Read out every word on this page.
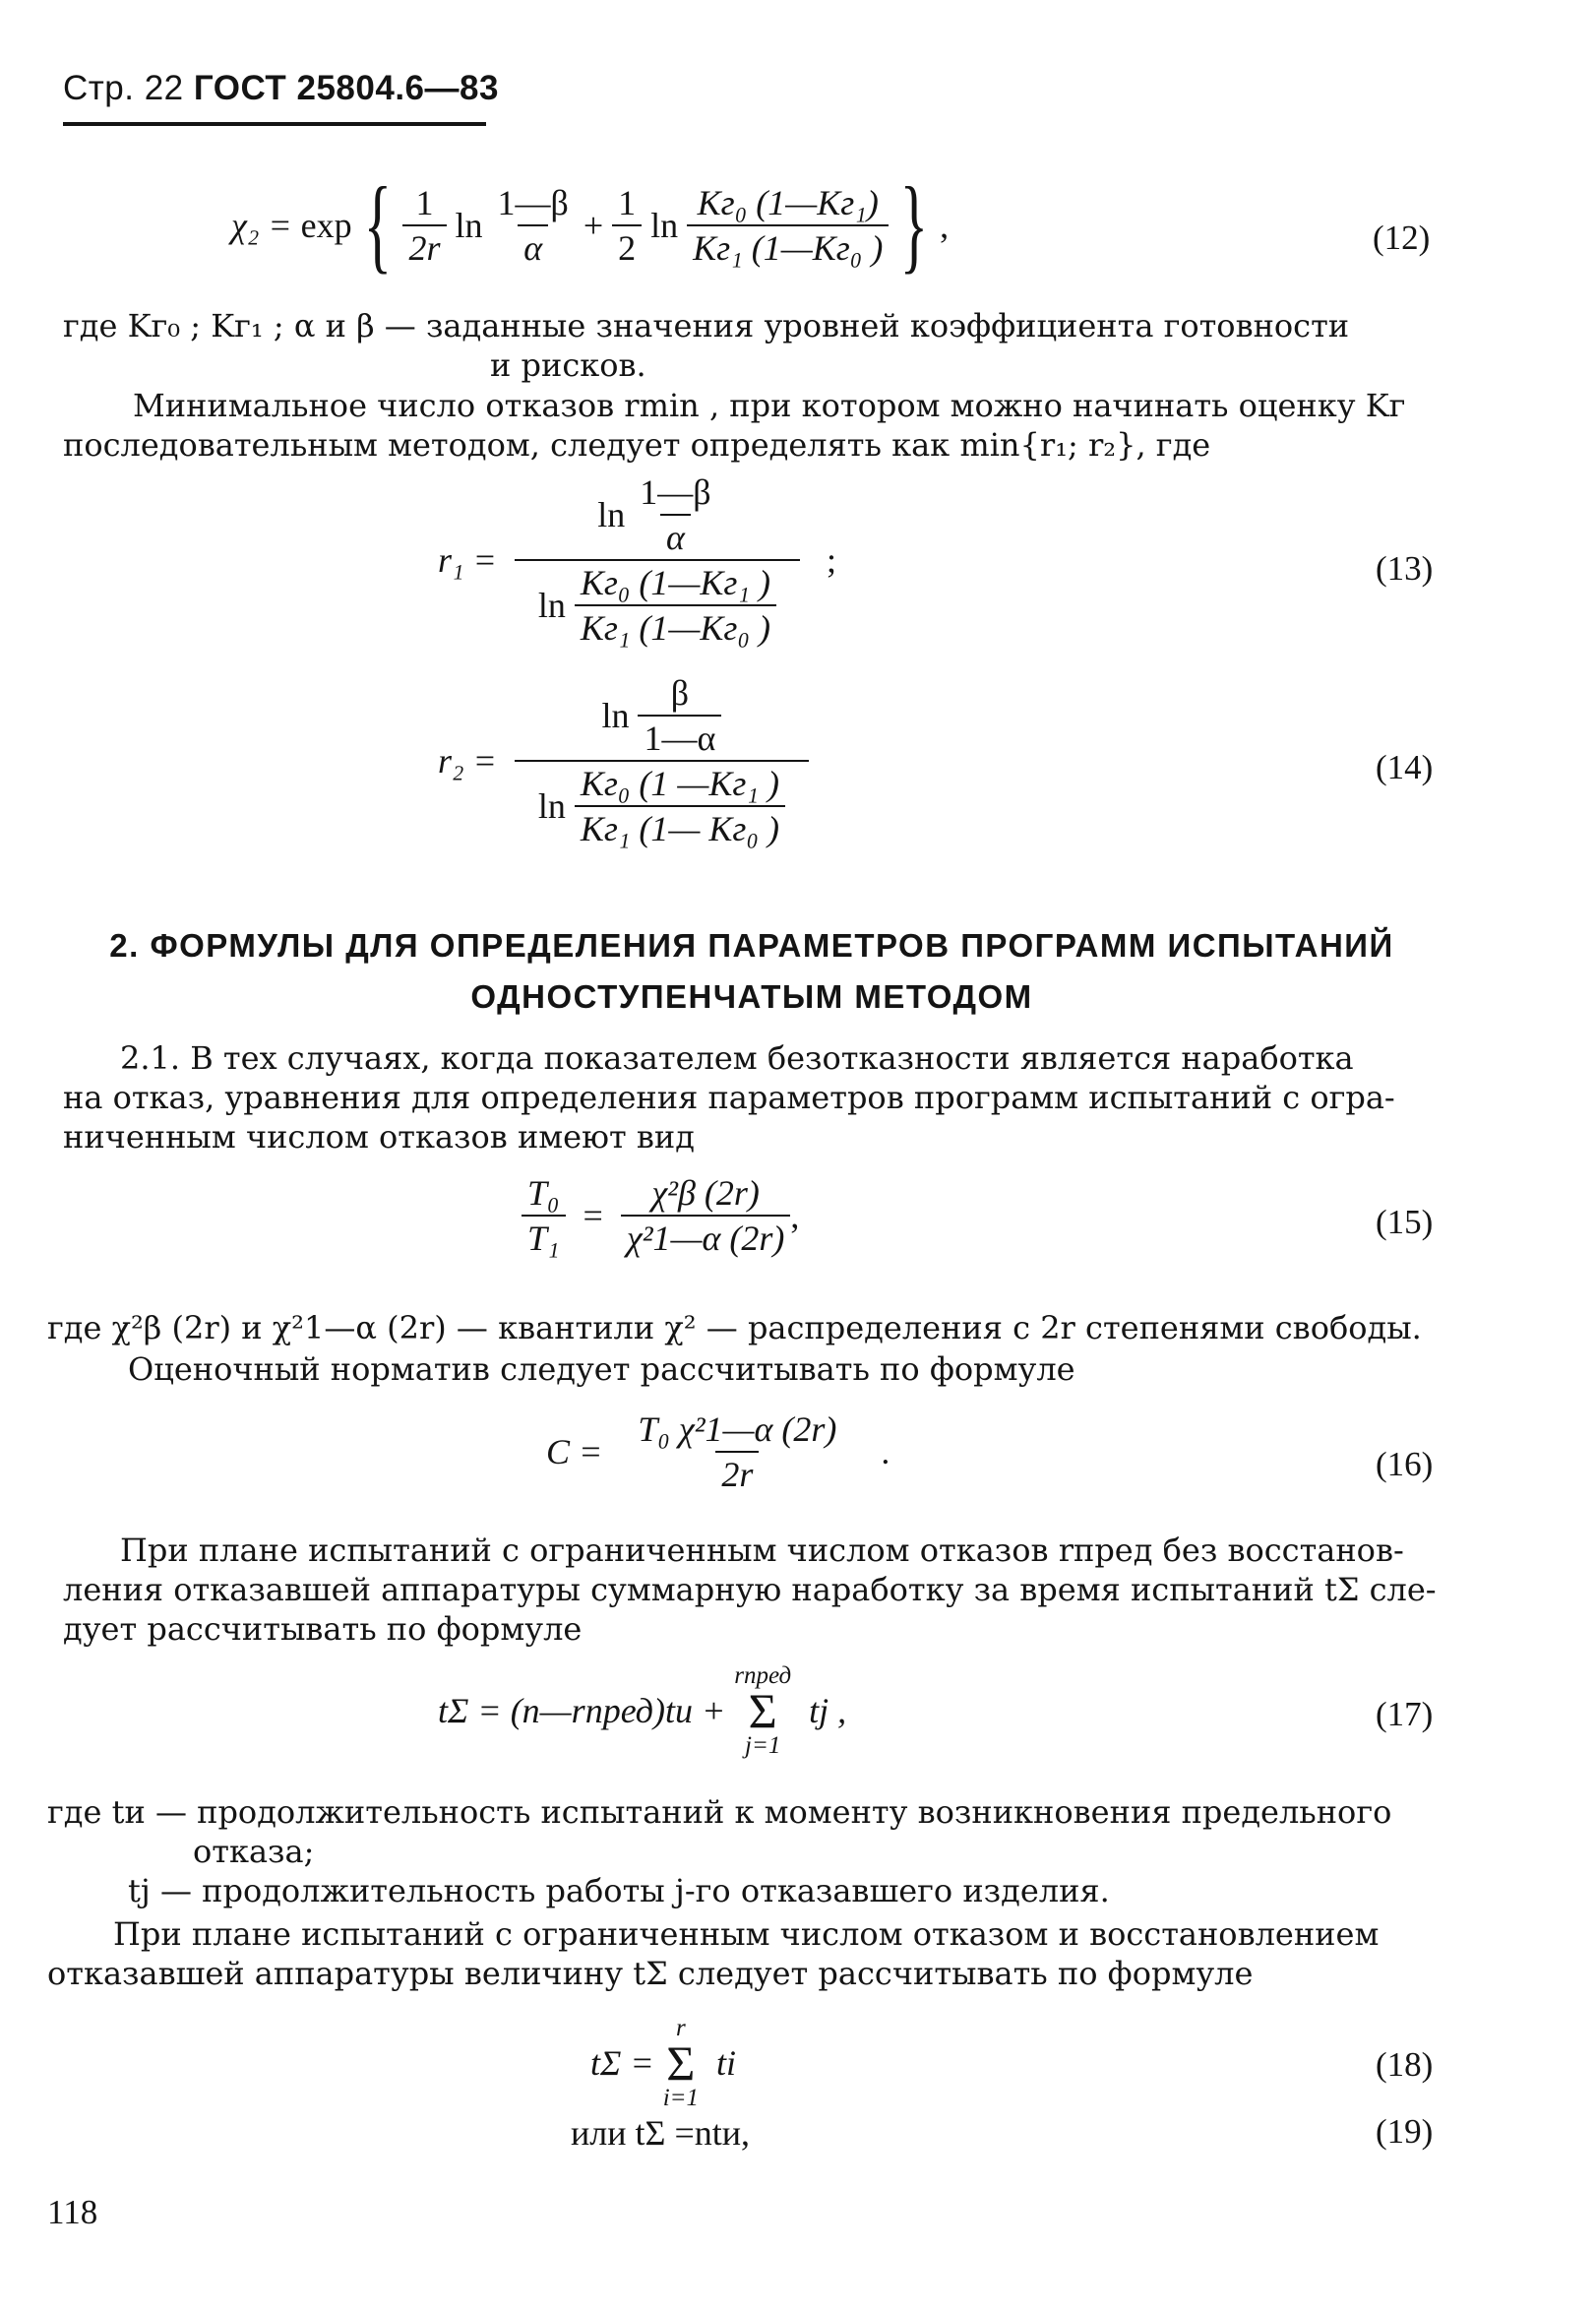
Стр. 22 ГОСТ 25804.6—83
χ₂ =
exp { $\frac{1}{2r}$
ln
$\frac{1—\beta}{\alpha}$
+
$\frac{1}{2}$
ln
$\frac{\text{Kг₀ (1—Kг₁)}}{\text{Kг₁ (1—Kг₀ )}}$ } ,	(12)
где Kг₀ ; Kг₁ ; α и β — заданные значения уровней коэффициента готовности
и рисков.
Минимальное число отказов rmin , при котором можно начинать оценку Kг
последовательным методом, следует определять как min{r₁; r₂}, где
r₁ =
ln
$\frac{1—\beta}{\alpha}$
ln
$\frac{\text{Kг₀ (1—Kг₁ )}}{\text{Kг₁ (1—Kг₀ )}}$
;	(13)
r₂ =
ln
$\frac{\beta}{1—\alpha}$
ln
$\frac{\text{Kг₀ (1 —Kг₁ )}}{\text{Kг₁ (1— Kг₀ )}}$	(14)
2. ФОРМУЛЫ ДЛЯ ОПРЕДЕЛЕНИЯ ПАРАМЕТРОВ ПРОГРАММ ИСПЫТАНИЙ
ОДНОСТУПЕНЧАТЫМ МЕТОДОМ
2.1. В тех случаях, когда показателем безотказности является наработка
на отказ, уравнения для определения параметров программ испытаний с огра-
ниченным числом отказов имеют вид
$\frac{\text{T₀}}{\text{T₁}}$
=
$\frac{\text{χ²β (2r)}}{\text{χ²1—α (2r)}}$ ,	(15)
где χ²β (2r) и χ²1—α (2r) — квантили χ² — распределения с 2r степенями свободы.
Оценочный норматив следует рассчитывать по формуле
C =
$\frac{\text{T₀ χ²1—α (2r)}}{2r}$
.	(16)
При плане испытаний с ограниченным числом отказов rпред без восстанов-
ления отказавшей аппаратуры суммарную наработку за время испытаний tΣ сле-
дует рассчитывать по формуле
tΣ = (n—rпред)tи +

rпред
Σ
j=1

tj ,	(17)
где tи — продолжительность испытаний к моменту возникновения предельного
отказа;
tj — продолжительность работы j-го отказавшего изделия.
При плане испытаний с ограниченным числом отказом и восстановлением
отказавшей аппаратуры величину tΣ следует рассчитывать по формуле
tΣ =

r
Σ
i=1

ti	(18)
или tΣ =ntи,	(19)
118
